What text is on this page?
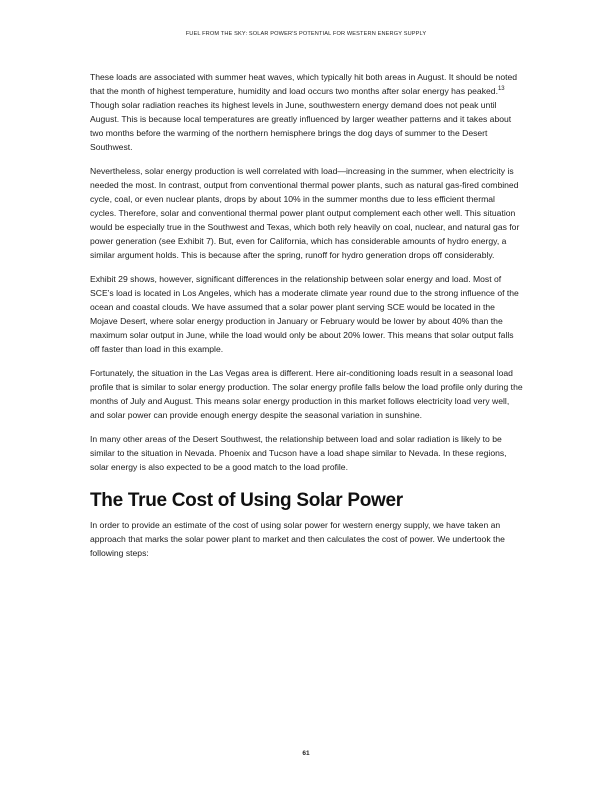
FUEL FROM THE SKY: SOLAR POWER'S POTENTIAL FOR WESTERN ENERGY SUPPLY

These loads are associated with summer heat waves, which typically hit both areas in August. It should be noted that the month of highest temperature, humidity and load occurs two months after solar energy has peaked.$^{13}$ Though solar radiation reaches its highest levels in June, southwestern energy demand does not peak until August. This is because local temperatures are greatly influenced by larger weather patterns and it takes about two months before the warming of the northern hemisphere brings the dog days of summer to the Desert Southwest.

Nevertheless, solar energy production is well correlated with load—increasing in the summer, when electricity is needed the most. In contrast, output from conventional thermal power plants, such as natural gas-fired combined cycle, coal, or even nuclear plants, drops by about 10% in the summer months due to less efficient thermal cycles. Therefore, solar and conventional thermal power plant output complement each other well. This situation would be especially true in the Southwest and Texas, which both rely heavily on coal, nuclear, and natural gas for power generation (see Exhibit 7). But, even for California, which has considerable amounts of hydro energy, a similar argument holds. This is because after the spring, runoff for hydro generation drops off considerably.

Exhibit 29 shows, however, significant differences in the relationship between solar energy and load. Most of SCE’s load is located in Los Angeles, which has a moderate climate year round due to the strong influence of the ocean and coastal clouds. We have assumed that a solar power plant serving SCE would be located in the Mojave Desert, where solar energy production in January or February would be lower by about 40% than the maximum solar output in June, while the load would only be about 20% lower. This means that solar output falls off faster than load in this example.

Fortunately, the situation in the Las Vegas area is different. Here air-conditioning loads result in a seasonal load profile that is similar to solar energy production. The solar energy profile falls below the load profile only during the months of July and August. This means solar energy production in this market follows electricity load very well, and solar power can provide enough energy despite the seasonal variation in sunshine.

In many other areas of the Desert Southwest, the relationship between load and solar radiation is likely to be similar to the situation in Nevada. Phoenix and Tucson have a load shape similar to Nevada. In these regions, solar energy is also expected to be a good match to the load profile.

The True Cost of Using Solar Power

In order to provide an estimate of the cost of using solar power for western energy supply, we have taken an approach that marks the solar power plant to market and then calculates the cost of power. We undertook the following steps:

61
